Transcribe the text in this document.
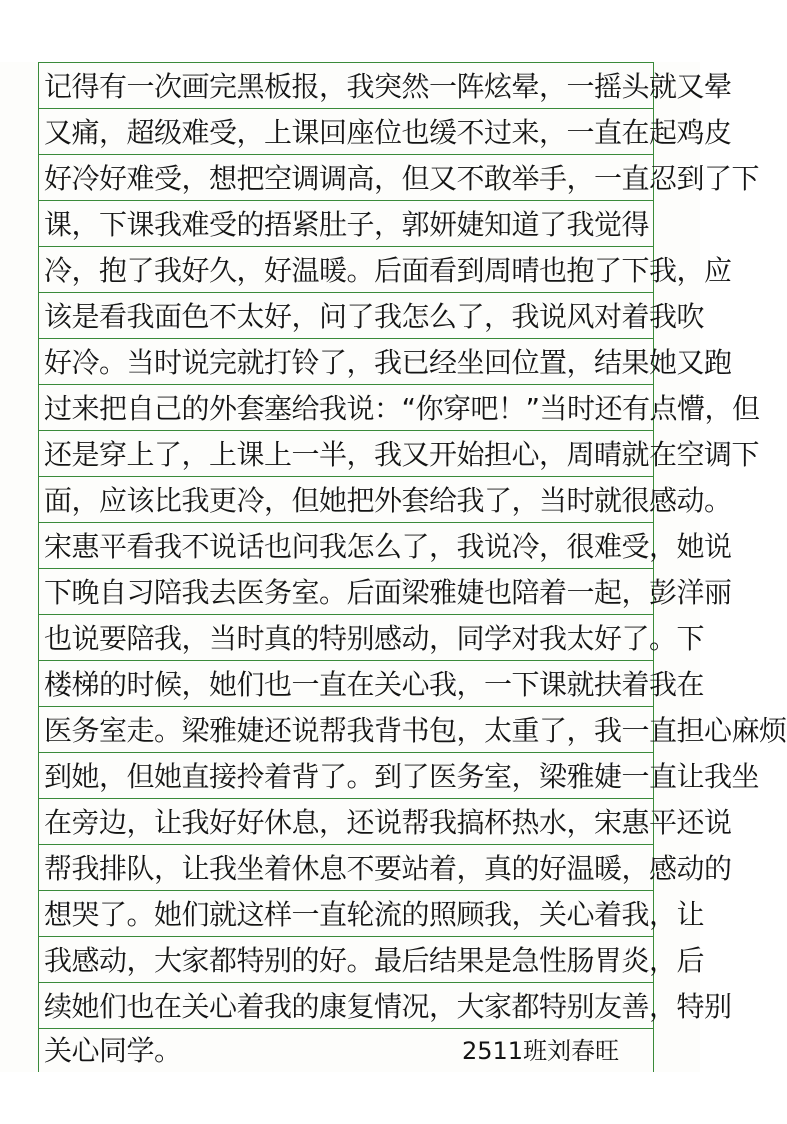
记得有一次画完黑板报，我突然一阵炫晕，一摇头就又晕
又痛，超级难受，上课回座位也缓不过来，一直在起鸡皮
好冷好难受，想把空调调高，但又不敢举手，一直忍到了下
课，下课我难受的捂紧肚子，郭妍婕知道了我觉得
冷，抱了我好久，好温暖。后面看到周晴也抱了下我，应
该是看我面色不太好，问了我怎么了，我说风对着我吹
好冷。当时说完就打铃了，我已经坐回位置，结果她又跑
过来把自己的外套塞给我说：“你穿吧！”当时还有点懵，但
还是穿上了，上课上一半，我又开始担心，周晴就在空调下
面，应该比我更冷，但她把外套给我了，当时就很感动。
宋惠平看我不说话也问我怎么了，我说冷，很难受，她说
下晚自习陪我去医务室。后面梁雅婕也陪着一起，彭洋丽
也说要陪我，当时真的特别感动，同学对我太好了。下
楼梯的时候，她们也一直在关心我，一下课就扶着我在
医务室走。梁雅婕还说帮我背书包，太重了，我一直担心麻烦
到她，但她直接拎着背了。到了医务室，梁雅婕一直让我坐
在旁边，让我好好休息，还说帮我搞杯热水，宋惠平还说
帮我排队，让我坐着休息不要站着，真的好温暖，感动的
想哭了。她们就这样一直轮流的照顾我，关心着我，让
我感动，大家都特别的好。最后结果是急性肠胃炎，后
续她们也在关心着我的康复情况，大家都特别友善，特别
关心同学。	2511班刘春旺
